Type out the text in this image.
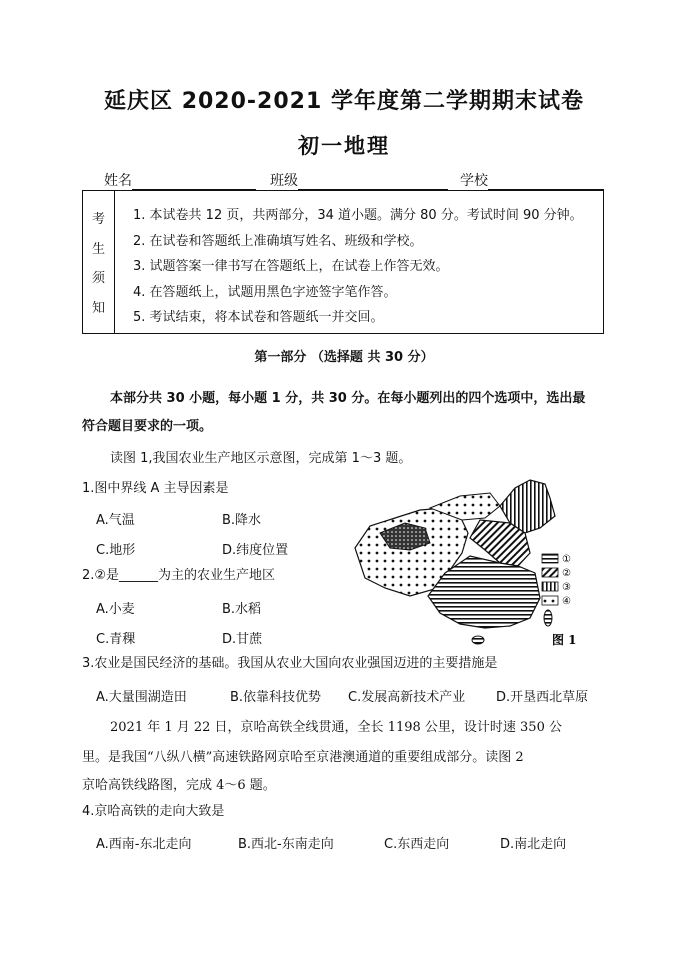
延庆区 2020-2021 学年度第二学期期末试卷
初一地理
姓名	班级	学校
考
生
须
知
1. 本试卷共 12 页，共两部分，34 道小题。满分 80 分。考试时间 90 分钟。
2. 在试卷和答题纸上准确填写姓名、班级和学校。
3. 试题答案一律书写在答题纸上，在试卷上作答无效。
4. 在答题纸上，试题用黑色字迹签字笔作答。
5. 考试结束，将本试卷和答题纸一并交回。
第一部分 （选择题 共 30 分）
本部分共 30 小题，每小题 1 分，共 30 分。在每小题列出的四个选项中，选出最
符合题目要求的一项。
读图 1,我国农业生产地区示意图，完成第 1～3 题。
1.图中界线 A 主导因素是
A.气温	B.降水
C.地形	D.纬度位置
2.②是______为主的农业生产地区
A.小麦	B.水稻
C.青稞	D.甘蔗
①
②
③
④
图 1
3.农业是国民经济的基础。我国从农业大国向农业强国迈进的主要措施是
A.大量围湖造田	B.依靠科技优势 C.发展高新技术产业 D.开垦西北草原
2021 年 1 月 22 日，京哈高铁全线贯通，全长 1198 公里，设计时速 350 公
里。是我国“八纵八横”高速铁路网京哈至京港澳通道的重要组成部分。读图 2
京哈高铁线路图，完成 4～6 题。
4.京哈高铁的走向大致是
A.西南-东北走向	B.西北-东南走向	C.东西走向	D.南北走向
